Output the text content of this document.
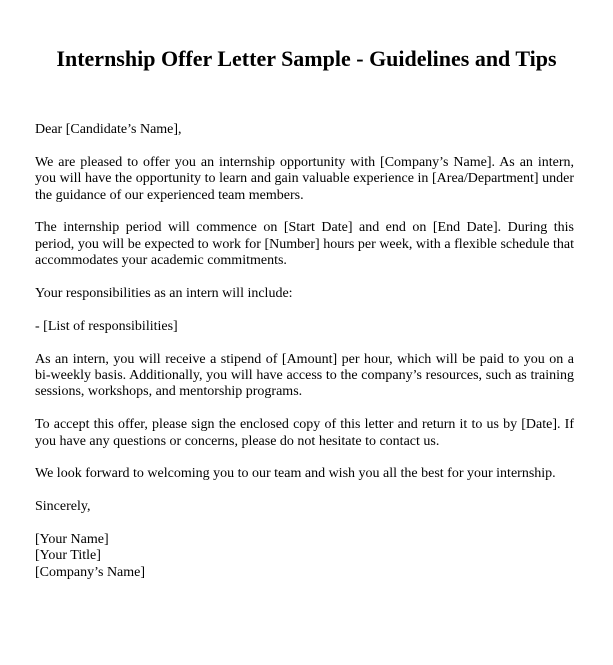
Internship Offer Letter Sample - Guidelines and Tips

Dear [Candidate’s Name],

We are pleased to offer you an internship opportunity with [Company’s Name]. As an intern, you will have the opportunity to learn and gain valuable experience in [Area/Department] under the guidance of our experienced team members.

The internship period will commence on [Start Date] and end on [End Date]. During this period, you will be expected to work for [Number] hours per week, with a flexible schedule that accommodates your academic commitments.

Your responsibilities as an intern will include:

- [List of responsibilities]

As an intern, you will receive a stipend of [Amount] per hour, which will be paid to you on a bi-weekly basis. Additionally, you will have access to the company’s resources, such as training sessions, workshops, and mentorship programs.

To accept this offer, please sign the enclosed copy of this letter and return it to us by [Date]. If you have any questions or concerns, please do not hesitate to contact us.

We look forward to welcoming you to our team and wish you all the best for your internship.

Sincerely,

[Your Name]
[Your Title]
[Company’s Name]
